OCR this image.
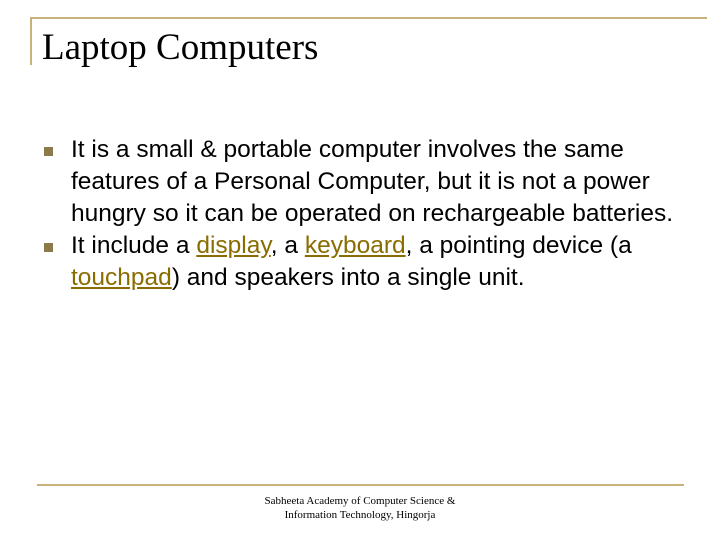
Laptop Computers
It is a small & portable computer involves the same features of a Personal Computer, but it is not a power hungry so it can be operated on rechargeable batteries.
It include a display, a keyboard, a pointing device (a touchpad) and speakers into a single unit.
Sabheeta Academy of Computer Science &
Information Technology, Hingorja
